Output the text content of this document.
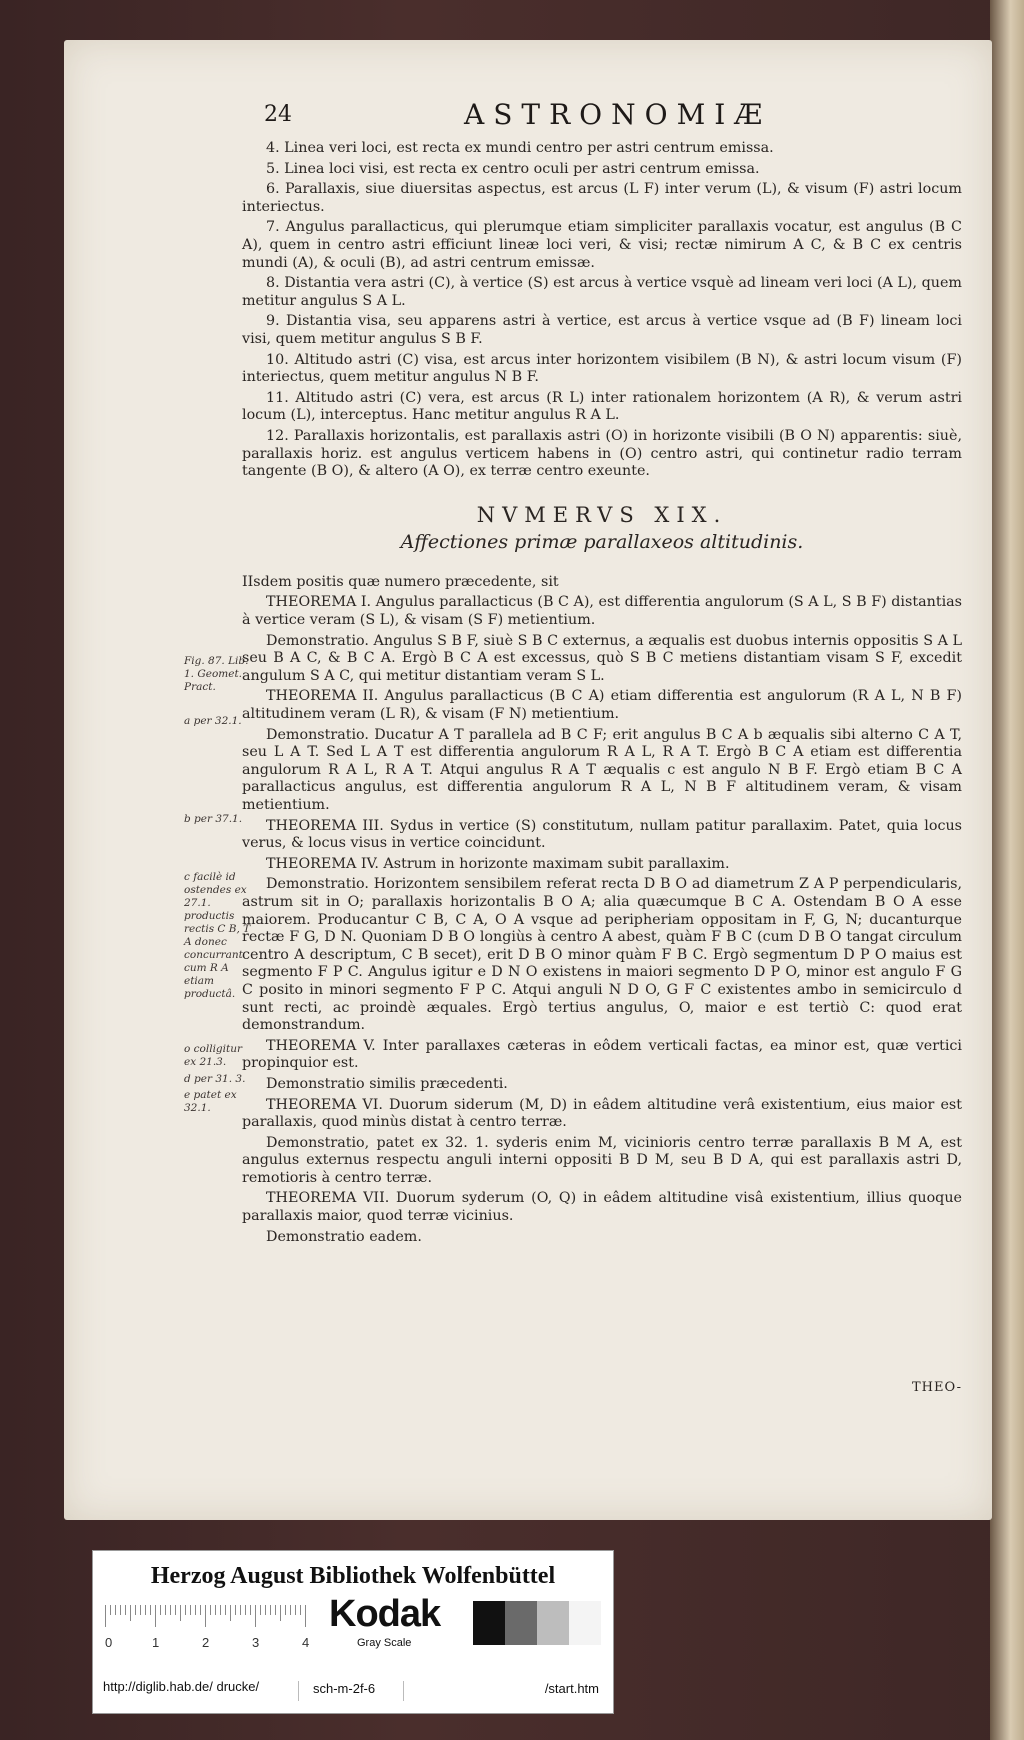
24	ASTRONOMIÆ
Fig. 87. Lib. 1. Geomet. Pract.
a per 32.1.
b per 37.1.
c facilè id ostendes ex 27.1. productis rectis C B, T A donec concurrant cum R A etiam productâ.
o colligitur ex 21.3.
d per 31. 3.
e patet ex 32.1.

4. Linea veri loci, est recta ex mundi centro per astri centrum emissa.

5. Linea loci visi, est recta ex centro oculi per astri centrum emissa.

6. Parallaxis, siue diuersitas aspectus, est arcus (L F) inter verum (L), & visum (F) astri locum interiectus.

7. Angulus parallacticus, qui plerumque etiam simpliciter parallaxis vocatur, est angulus (B C A), quem in centro astri efficiunt lineæ loci veri, & visi; rectæ nimirum A C, & B C ex centris mundi (A), & oculi (B), ad astri centrum emissæ.

8. Distantia vera astri (C), à vertice (S) est arcus à vertice vsquè ad lineam veri loci (A L), quem metitur angulus S A L.

9. Distantia visa, seu apparens astri à vertice, est arcus à vertice vsque ad (B F) lineam loci visi, quem metitur angulus S B F.

10. Altitudo astri (C) visa, est arcus inter horizontem visibilem (B N), & astri locum visum (F) interiectus, quem metitur angulus N B F.

11. Altitudo astri (C) vera, est arcus (R L) inter rationalem horizontem (A R), & verum astri locum (L), interceptus. Hanc metitur angulus R A L.

12. Parallaxis horizontalis, est parallaxis astri (O) in horizonte visibili (B O N) apparentis: siuè, parallaxis horiz. est angulus verticem habens in (O) centro astri, qui continetur radio terram tangente (B O), & altero (A O), ex terræ centro exeunte.

NVMERVS XIX.
Affectiones primæ parallaxeos altitudinis.

IIsdem positis quæ numero præcedente, sit

THEOREMA I. Angulus parallacticus (B C A), est differentia angulorum (S A L, S B F) distantias à vertice veram (S L), & visam (S F) metientium.

Demonstratio. Angulus S B F, siuè S B C externus, a æqualis est duobus internis oppositis S A L seu B A C, & B C A. Ergò B C A est excessus, quò S B C metiens distantiam visam S F, excedit angulum S A C, qui metitur distantiam veram S L.

THEOREMA II. Angulus parallacticus (B C A) etiam differentia est angulorum (R A L, N B F) altitudinem veram (L R), & visam (F N) metientium.

Demonstratio. Ducatur A T parallela ad B C F; erit angulus B C A b æqualis sibi alterno C A T, seu L A T. Sed L A T est differentia angulorum R A L, R A T. Ergò B C A etiam est differentia angulorum R A L, R A T. Atqui angulus R A T æqualis c est angulo N B F. Ergò etiam B C A parallacticus angulus, est differentia angulorum R A L, N B F altitudinem veram, & visam metientium.

THEOREMA III. Sydus in vertice (S) constitutum, nullam patitur parallaxim. Patet, quia locus verus, & locus visus in vertice coincidunt.

THEOREMA IV. Astrum in horizonte maximam subit parallaxim.

Demonstratio. Horizontem sensibilem referat recta D B O ad diametrum Z A P perpendicularis, astrum sit in O; parallaxis horizontalis B O A; alia quæcumque B C A. Ostendam B O A esse maiorem. Producantur C B, C A, O A vsque ad peripheriam oppositam in F, G, N; ducanturque rectæ F G, D N. Quoniam D B O longiùs à centro A abest, quàm F B C (cum D B O tangat circulum centro A descriptum, C B secet), erit D B O minor quàm F B C. Ergò segmentum D P O maius est segmento F P C. Angulus igitur e D N O existens in maiori segmento D P O, minor est angulo F G C posito in minori segmento F P C. Atqui anguli N D O, G F C existentes ambo in semicirculo d sunt recti, ac proindè æquales. Ergò tertius angulus, O, maior e est tertiò C: quod erat demonstrandum.

THEOREMA V. Inter parallaxes cæteras in eôdem verticali factas, ea minor est, quæ vertici propinquior est.

Demonstratio similis præcedenti.

THEOREMA VI. Duorum siderum (M, D) in eâdem altitudine verâ existentium, eius maior est parallaxis, quod minùs distat à centro terræ.

Demonstratio, patet ex 32. 1. syderis enim M, vicinioris centro terræ parallaxis B M A, est angulus externus respectu anguli interni oppositi B D M, seu B D A, qui est parallaxis astri D, remotioris à centro terræ.

THEOREMA VII. Duorum syderum (O, Q) in eâdem altitudine visâ existentium, illius quoque parallaxis maior, quod terræ vicinius.

Demonstratio eadem.

THEO-
Herzog August Bibliothek Wolfenbüttel
0	1	2	3	4
Kodak
Gray Scale
http://diglib.hab.de/ drucke/	sch-m-2f-6	/start.htm
